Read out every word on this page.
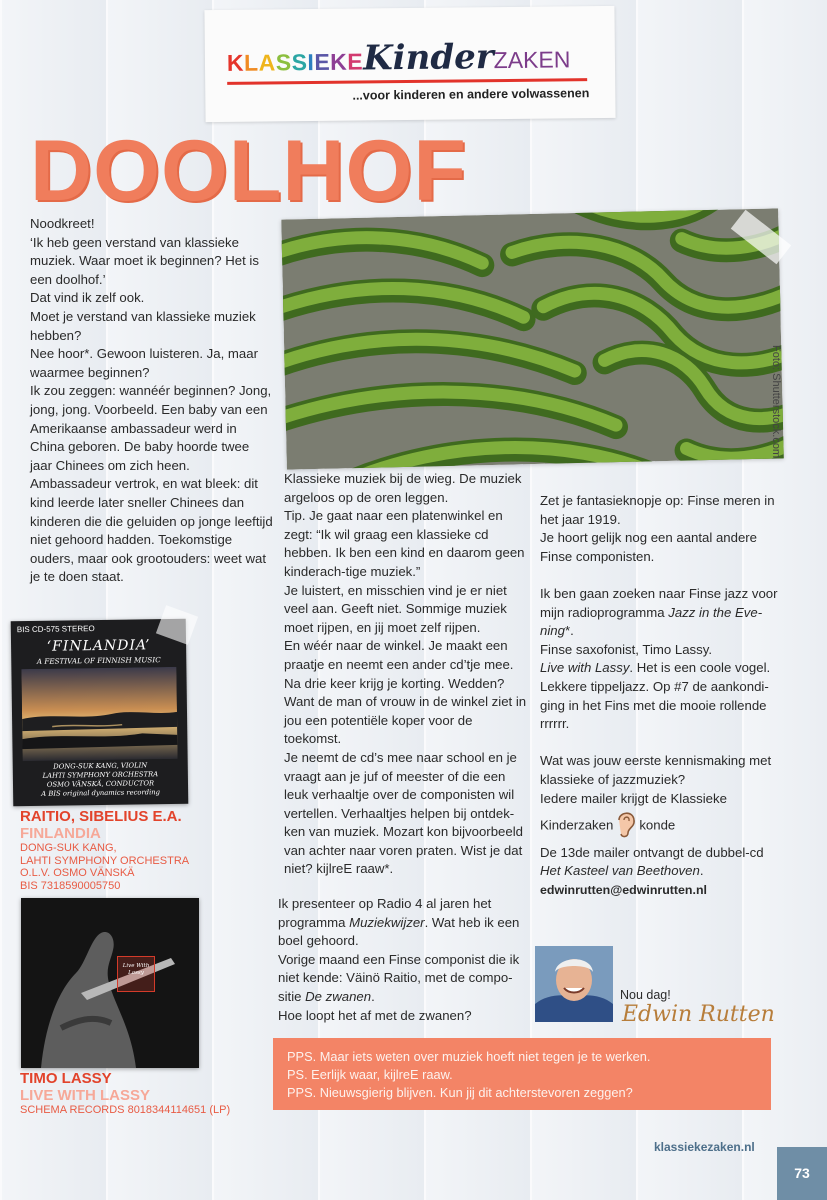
KLASSIEKEKinderZAKEN
...voor kinderen en andere volwassenen
DOOLHOF

Noodkreet!

‘Ik heb geen verstand van klassieke muziek. Waar moet ik beginnen? Het is een doolhof.’

Dat vind ik zelf ook.

Moet je verstand van klassieke muziek hebben?

Nee hoor*. Gewoon luisteren. Ja, maar waarmee beginnen?

Ik zou zeggen: wannéér beginnen? Jong, jong, jong. Voorbeeld. Een baby van een Amerikaanse ambassadeur werd in China geboren. De baby hoorde twee jaar Chinees om zich heen. Ambassadeur vertrok, en wat bleek: dit kind leerde later sneller Chinees dan kinderen die die geluiden op jonge leeftijd niet gehoord hadden. Toekomstige ouders, maar ook grootouders: weet wat je te doen staat.

Foto: Shutterstock.com

Klassieke muziek bij de wieg. De muziek argeloos op de oren leggen.

Tip. Je gaat naar een platenwinkel en zegt: “Ik wil graag een klassieke cd hebben. Ik ben een kind en daarom geen kinderach-tige muziek.”

Je luistert, en misschien vind je er niet veel aan. Geeft niet. Sommige muziek moet rijpen, en jij moet zelf rijpen.

En wéér naar de winkel. Je maakt een praatje en neemt een ander cd’tje mee. Na drie keer krijg je korting. Wedden? Want de man of vrouw in de winkel ziet in jou een potentiële koper voor de toekomst.

Je neemt de cd’s mee naar school en je vraagt aan je juf of meester of die een leuk verhaaltje over de componisten wil vertellen. Verhaaltjes helpen bij ontdek-ken van muziek. Mozart kon bijvoorbeeld van achter naar voren praten. Wist je dat niet? kijlreE raaw*.

Ik presenteer op Radio 4 al jaren het programma Muziekwijzer. Wat heb ik een boel gehoord.

Vorige maand een Finse componist die ik niet kende: Väinö Raitio, met de compo-sitie De zwanen.

Hoe loopt het af met de zwanen?

Zet je fantasieknopje op: Finse meren in het jaar 1919.

Je hoort gelijk nog een aantal andere Finse componisten.

Ik ben gaan zoeken naar Finse jazz voor mijn radioprogramma Jazz in the Eve-ning*.

Finse saxofonist, Timo Lassy.

Live with Lassy. Het is een coole vogel. Lekkere tippeljazz. Op #7 de aankondi-ging in het Fins met die mooie rollende rrrrrr.

Wat was jouw eerste kennismaking met klassieke of jazzmuziek?

Iedere mailer krijgt de Klassieke Kinderzaken konde

De 13de mailer ontvangt de dubbel-cd

Het Kasteel van Beethoven.

edwinrutten@edwinrutten.nl

BIS CD-575 STEREO
‘FINLANDIA’
A FESTIVAL OF FINNISH MUSIC
DONG-SUK KANG, VIOLIN
LAHTI SYMPHONY ORCHESTRA
OSMO VÄNSKÄ, CONDUCTOR
A BIS original dynamics recording
RAITIO, SIBELIUS E.A.
FINLANDIA
DONG-SUK KANG,
LAHTI SYMPHONY ORCHESTRA
O.L.V. OSMO VÄNSKÄ
BIS 7318590005750
Live With Lassy
TIMO LASSY
LIVE WITH LASSY
SCHEMA RECORDS 8018344114651 (LP)
Nou dag!
Edwin Rutten

PPS. Maar iets weten over muziek hoeft niet tegen je te werken.

PS. Eerlijk waar, kijlreE raaw.

PPS. Nieuwsgierig blijven. Kun jij dit achterstevoren zeggen?

klassiekezaken.nl
73
